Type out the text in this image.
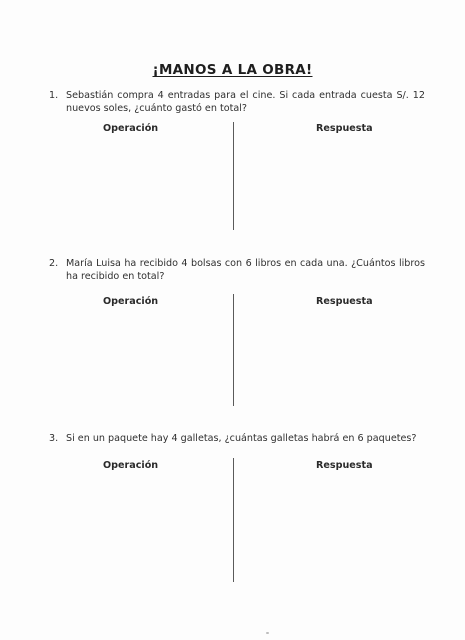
¡MANOS A LA OBRA!
1. Sebastián compra 4 entradas para el cine. Si cada entrada cuesta S/. 12 nuevos soles, ¿cuánto gastó en total?
Operación	Respuesta
2. María Luisa ha recibido 4 bolsas con 6 libros en cada una. ¿Cuántos libros ha recibido en total?
Operación	Respuesta
3. Si en un paquete hay 4 galletas, ¿cuántas galletas habrá en 6 paquetes?
Operación	Respuesta
